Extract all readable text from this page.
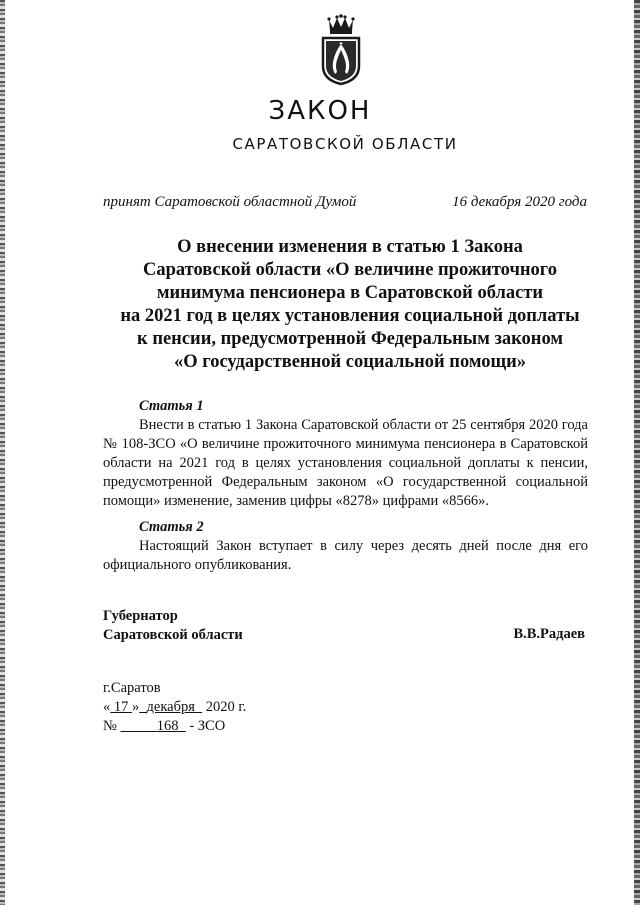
ЗАКОН
САРАТОВСКОЙ ОБЛАСТИ
принят Саратовской областной Думой	16 декабря 2020 года
О внесении изменения в статью 1 Закона
Саратовской области «О величине прожиточного
минимума пенсионера в Саратовской области
на 2021 год в целях установления социальной доплаты
к пенсии, предусмотренной Федеральным законом
«О государственной социальной помощи»
Статья 1
Внести в статью 1 Закона Саратовской области от 25 сентября 2020 года № 108-ЗСО «О величине прожиточного минимума пенсионера в Саратовской области на 2021 год в целях установления социальной доплаты к пенсии, предусмотренной Федеральным законом «О государственной социальной помощи» изменение, заменив цифры «8278» цифрами «8566».
Статья 2
Настоящий Закон вступает в силу через десять дней после дня его официального опубликования.
Губернатор
Саратовской области	В.В.Радаев
г.Саратов
« 17 » декабря 2020 г.
№	168 - ЗСО
